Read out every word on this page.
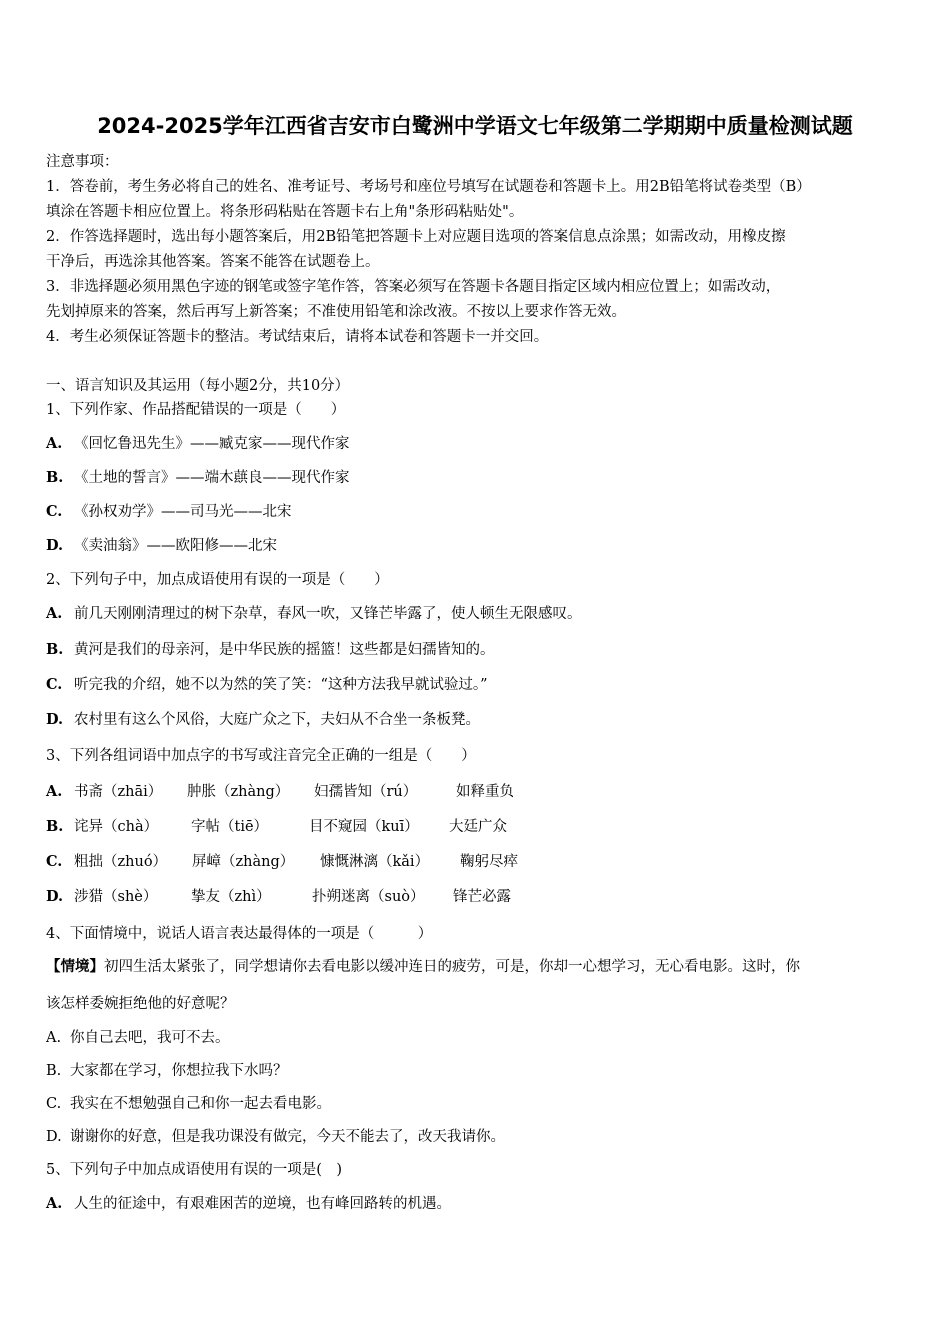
2024-2025学年江西省吉安市白鹭洲中学语文七年级第二学期期中质量检测试题
注意事项：
1．答卷前，考生务必将自己的姓名、准考证号、考场号和座位号填写在试题卷和答题卡上。用2B铅笔将试卷类型（B）
填涂在答题卡相应位置上。将条形码粘贴在答题卡右上角"条形码粘贴处"。
2．作答选择题时，选出每小题答案后，用2B铅笔把答题卡上对应题目选项的答案信息点涂黑；如需改动，用橡皮擦
干净后，再选涂其他答案。答案不能答在试题卷上。
3．非选择题必须用黑色字迹的钢笔或签字笔作答，答案必须写在答题卡各题目指定区域内相应位置上；如需改动，
先划掉原来的答案，然后再写上新答案；不准使用铅笔和涂改液。不按以上要求作答无效。
4．考生必须保证答题卡的整洁。考试结束后，请将本试卷和答题卡一并交回。
一、语言知识及其运用（每小题2分，共10分）
1、下列作家、作品搭配错误的一项是（　　）
A. 《回忆鲁迅先生》——臧克家——现代作家
B. 《土地的誓言》——端木蕻良——现代作家
C. 《孙权劝学》——司马光——北宋
D. 《卖油翁》——欧阳修——北宋
2、下列句子中，加点成语使用有误的一项是（　　）
A. 前几天刚刚清理过的树下杂草，春风一吹，又锋芒毕露了，使人顿生无限感叹。
B. 黄河是我们的母亲河，是中华民族的摇篮！这些都是妇孺皆知的。
C. 听完我的介绍，她不以为然的笑了笑：“这种方法我早就试验过。”
D. 农村里有这么个风俗，大庭广众之下，夫妇从不合坐一条板凳。
3、下列各组词语中加点字的书写或注音完全正确的一组是（　　）
A. 书斋（zhāi） 肿胀（zhàng） 妇孺皆知（rú）	如释重负
B. 诧异（chà） 字帖（tiē）	目不窥园（kuī） 大廷广众
C. 粗拙（zhuó） 屏嶂（zhàng） 慷慨淋漓（kǎi） 鞠躬尽瘁
D. 涉猎（shè） 挚友（zhì）	扑朔迷离（suò） 锋芒必露
4、下面情境中，说话人语言表达最得体的一项是（　　　）
【情境】初四生活太紧张了，同学想请你去看电影以缓冲连日的疲劳，可是，你却一心想学习，无心看电影。这时，你
该怎样委婉拒绝他的好意呢？
A. 你自己去吧，我可不去。
B. 大家都在学习，你想拉我下水吗？
C. 我实在不想勉强自己和你一起去看电影。
D. 谢谢你的好意，但是我功课没有做完，今天不能去了，改天我请你。
5、下列句子中加点成语使用有误的一项是(　)
A. 人生的征途中，有艰难困苦的逆境，也有峰回路转的机遇。
